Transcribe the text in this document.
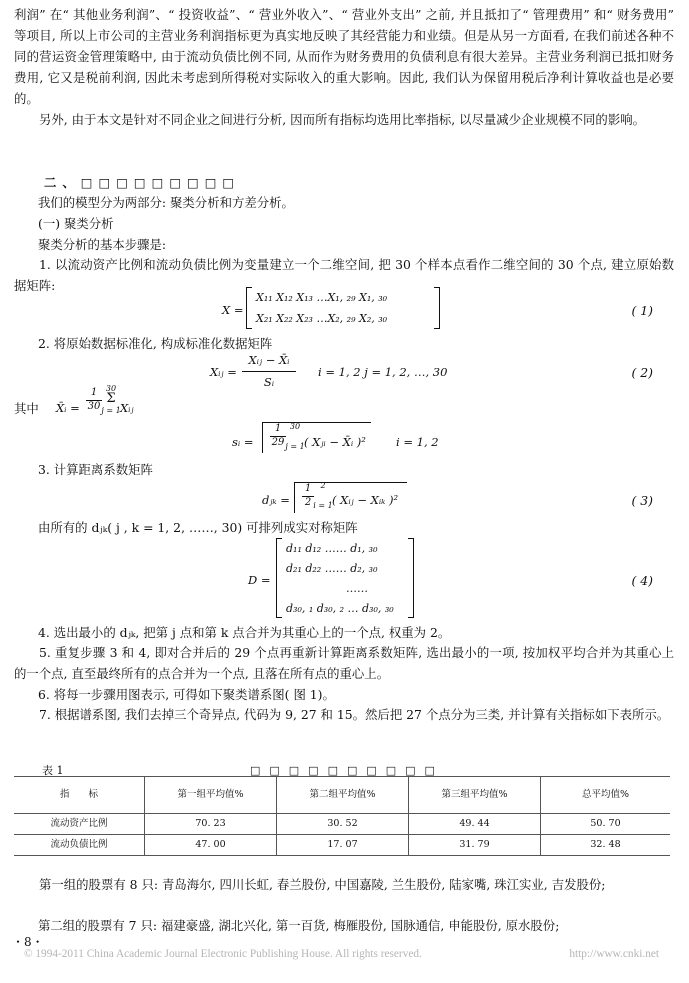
利润” 在“ 其他业务利润”、“ 投资收益”、“ 营业外收入”、“ 营业外支出” 之前, 并且抵扣了“ 管理费用” 和“ 财务费用” 等项目, 所以上市公司的主营业务利润指标更为真实地反映了其经营能力和业绩。但是从另一方面看, 在我们前述各种不同的营运资金管理策略中, 由于流动负债比例不同, 从而作为财务费用的负债利息有很大差异。主营业务利润已抵扣财务费用, 它又是税前利润, 因此未考虑到所得税对实际收入的重大影响。因此, 我们认为保留用税后净利计算收益也是必要的。

另外, 由于本文是针对不同企业之间进行分析, 因而所有指标均选用比率指标, 以尽量减少企业规模不同的影响。

二、□□□□□□□□□
我们的模型分为两部分: 聚类分析和方差分析。
(一) 聚类分析
聚类分析的基本步骤是:

1. 以流动资产比例和流动负债比例为变量建立一个二维空间, 把 30 个样本点看作二维空间的 30 个点, 建立原始数据矩阵:

X =
X₁₁ X₁₂ X₁₃ …X₁, ₂₉ X₁, ₃₀
X₂₁ X₂₂ X₂₃ …X₂, ₂₉ X₂, ₃₀
( 1)
2. 将原始数据标准化, 构成标准化数据矩阵
Xᵢⱼ =
Xᵢⱼ − X̄ᵢ
Sᵢ
i = 1, 2 j = 1, 2, …, 30	( 2)
其中 X̄ᵢ =
1
30
30
Σ
j = 1 Xᵢⱼ
sᵢ =
1
29
30
j = 1 ( Xⱼᵢ − X̄ᵢ )²	i = 1, 2
3. 计算距离系数矩阵
dⱼₖ =
1
2
2
i = 1 ( Xᵢⱼ − Xᵢₖ )²	( 3)
由所有的 dⱼₖ( j , k = 1, 2, ……, 30) 可排列成实对称矩阵
D =
d₁₁ d₁₂ …… d₁, ₃₀
d₂₁ d₂₂ …… d₂, ₃₀
……
d₃₀, ₁ d₃₀, ₂ … d₃₀, ₃₀
( 4)
4. 选出最小的 dⱼₖ, 把第 j 点和第 k 点合并为其重心上的一个点, 权重为 2。

5. 重复步骤 3 和 4, 即对合并后的 29 个点再重新计算距离系数矩阵, 选出最小的一项, 按加权平均合并为其重心上的一个点, 直至最终所有的点合并为一个点, 且落在所有点的重心上。

6. 将每一步骤用图表示, 可得如下聚类谱系图( 图 1)。

7. 根据谱系图, 我们去掉三个奇异点, 代码为 9, 27 和 15。然后把 27 个点分为三类, 并计算有关指标如下表所示。

表 1	□□□□□□□□□□
指　　标	第一组平均值%	第二组平均值%	第三组平均值%	总平均值%
流动资产比例	70. 23	30. 52	49. 44	50. 70
流动负债比例	47. 00	17. 07	31. 79	32. 48

第一组的股票有 8 只: 青岛海尔, 四川长虹, 春兰股份, 中国嘉陵, 兰生股份, 陆家嘴, 珠江实业, 吉发股份;

第二组的股票有 7 只: 福建豪盛, 湖北兴化, 第一百货, 梅雁股份, 国脉通信, 申能股份, 原水股份;
・8・
© 1994-2011 China Academic Journal Electronic Publishing House. All rights reserved.	http://www.cnki.net
